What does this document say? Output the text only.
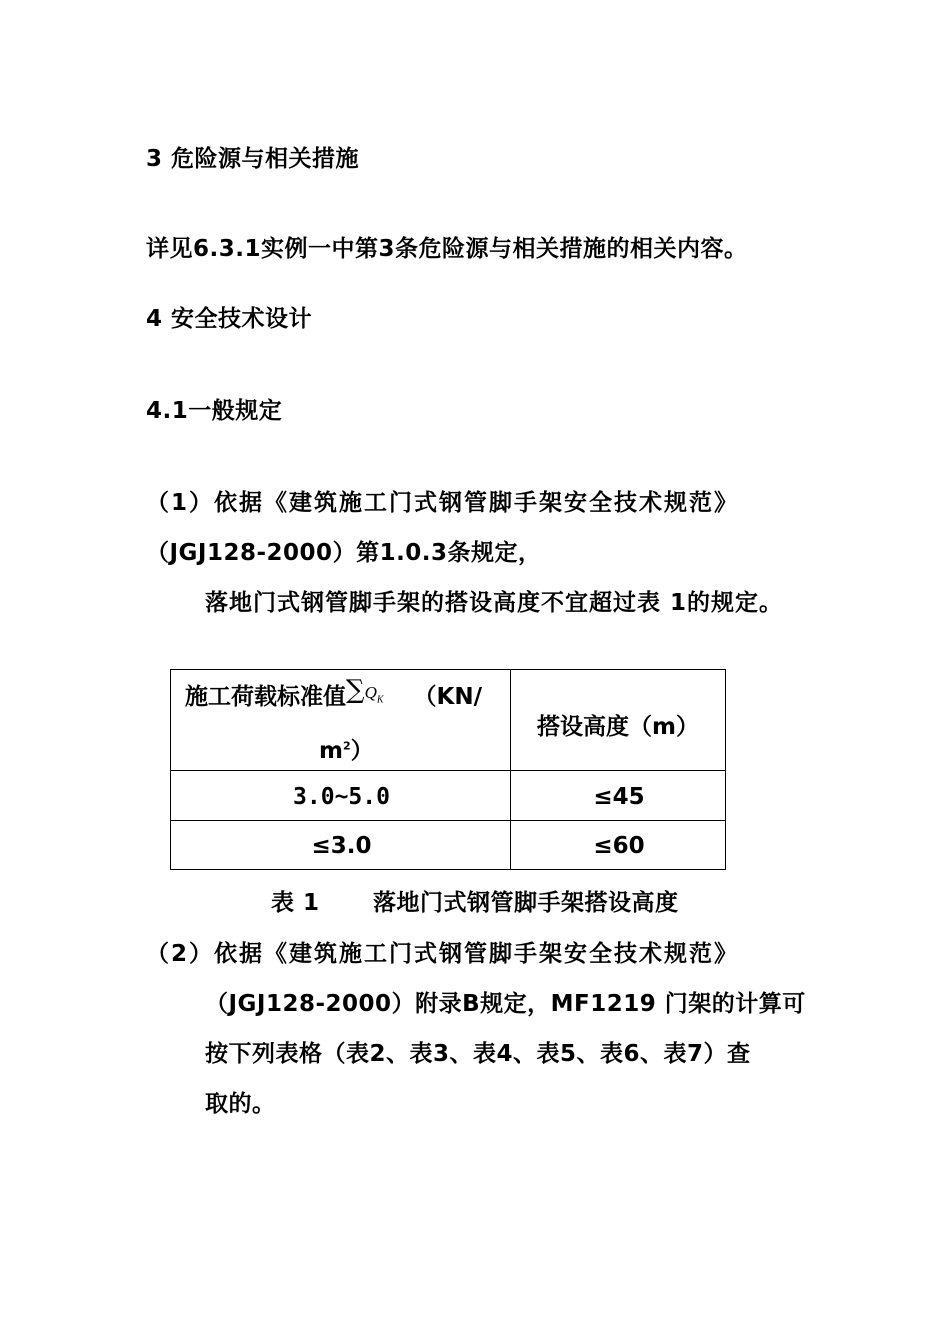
3 危险源与相关措施
详见6.3.1实例一中第3条危险源与相关措施的相关内容。
4 安全技术设计
4.1一般规定
（1）依据《建筑施工门式钢管脚手架安全技术规范》
（JGJ128-2000）第1.0.3条规定，
落地门式钢管脚手架的搭设高度不宜超过表 1的规定。
施工荷载标准值∑$^{Q_K}$ （KN/
$m^2$）
搭设高度（m）
3.0~5.0	≤45
≤3.0	≤60
表 1 落地门式钢管脚手架搭设高度
（2）依据《建筑施工门式钢管脚手架安全技术规范》
（JGJ128-2000）附录B规定，MF1219 门架的计算可
按下列表格（表2、表3、表4、表5、表6、表7）查
取的。
